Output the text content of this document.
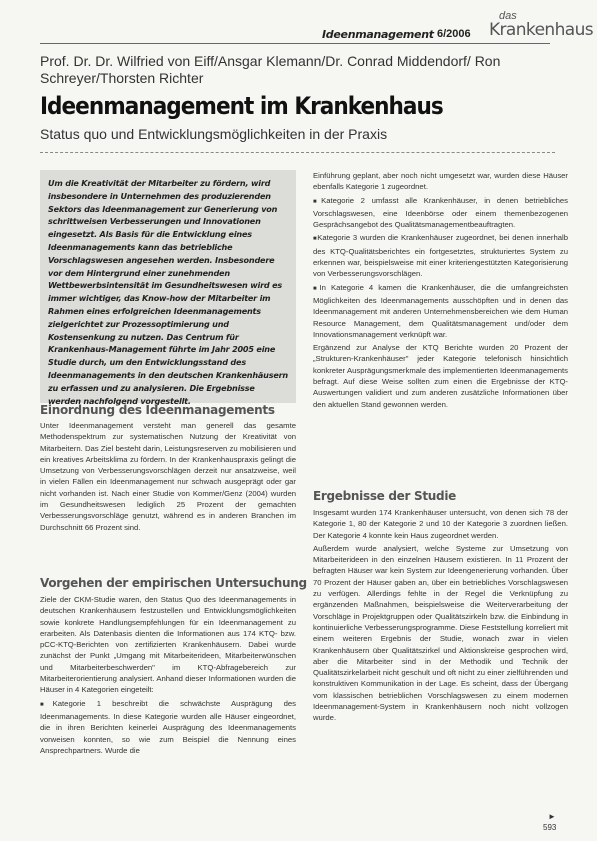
Ideenmanagement 6/2006
das
Krankenhaus
Prof. Dr. Dr. Wilfried von Eiff/Ansgar Klemann/Dr. Conrad Middendorf/ Ron Schreyer/Thorsten Richter
Ideenmanagement im Krankenhaus
Status quo und Entwicklungsmöglichkeiten in der Praxis

Um die Kreativität der Mitarbeiter zu fördern, wird insbesondere in Unternehmen des produzierenden Sektors das Ideenmanagement zur Generierung von schrittweisen Verbesserungen und Innovationen eingesetzt. Als Basis für die Entwicklung eines Ideenmanagements kann das betriebliche Vorschlagswesen angesehen werden. Insbesondere vor dem Hintergrund einer zunehmenden Wettbewerbsintensität im Gesundheitswesen wird es immer wichtiger, das Know-how der Mitarbeiter im Rahmen eines erfolgreichen Ideenmanagements zielgerichtet zur Prozessoptimierung und Kostensenkung zu nutzen. Das Centrum für Krankenhaus-Management führte im Jahr 2005 eine Studie durch, um den Entwicklungsstand des Ideenmanagements in den deutschen Krankenhäusern zu erfassen und zu analysieren. Die Ergebnisse werden nachfolgend vorgestellt.

Einordnung des Ideenmanagements

Unter Ideenmanagement versteht man generell das gesamte Methodenspektrum zur systematischen Nutzung der Kreativität von Mitarbeitern. Das Ziel besteht darin, Leistungsreserven zu mobilisieren und ein kreatives Arbeitsklima zu fördern. In der Krankenhauspraxis gelingt die Umsetzung von Verbesserungsvorschlägen derzeit nur ansatzweise, weil in vielen Fällen ein Ideenmanagement nur schwach ausgeprägt oder gar nicht vorhanden ist. Nach einer Studie von Kommer/Genz (2004) wurden im Gesundheitswesen lediglich 25 Prozent der gemachten Verbesserungsvorschläge genutzt, während es in anderen Branchen im Durchschnitt 66 Prozent sind.

Vorgehen der empirischen Untersuchung

Ziele der CKM-Studie waren, den Status Quo des Ideenmanagements in deutschen Krankenhäusern festzustellen und Entwicklungsmöglichkeiten sowie konkrete Handlungsempfehlungen für ein Ideenmanagement zu erarbeiten. Als Datenbasis dienten die Informationen aus 174 KTQ- bzw. pCC-KTQ-Berichten von zertifizierten Krankenhäusern. Dabei wurde zunächst der Punkt „Umgang mit Mitarbeiterideen, Mitarbeiterwünschen und Mitarbeiterbeschwerden" im KTQ-Abfragebereich zur Mitarbeiterorientierung analysiert. Anhand dieser Informationen wurden die Häuser in 4 Kategorien eingeteilt:

■ Kategorie 1 beschreibt die schwächste Ausprägung des Ideenmanagements. In diese Kategorie wurden alle Häuser eingeordnet, die in ihren Berichten keinerlei Ausprägung des Ideenmanagements vorweisen konnten, so wie zum Beispiel die Nennung eines Ansprechpartners. Wurde die

Einführung geplant, aber noch nicht umgesetzt war, wurden diese Häuser ebenfalls Kategorie 1 zugeordnet.

■ Kategorie 2 umfasst alle Krankenhäuser, in denen betriebliches Vorschlagswesen, eine Ideenbörse oder einem themenbezogenen Gesprächsangebot des Qualitätsmanagementbeauftragten.

■ Kategorie 3 wurden die Krankenhäuser zugeordnet, bei denen innerhalb des KTQ-Qualitätsberichtes ein fortgesetztes, strukturiertes System zu erkennen war, beispielsweise mit einer kriteriengestützten Kategorisierung von Verbesserungsvorschlägen.

■ In Kategorie 4 kamen die Krankenhäuser, die die umfangreichsten Möglichkeiten des Ideenmanagements ausschöpften und in denen das Ideenmanagement mit anderen Unternehmensbereichen wie dem Human Resource Management, dem Qualitätsmanagement und/oder dem Innovationsmanagement verknüpft war.

Ergänzend zur Analyse der KTQ Berichte wurden 20 Prozent der „Strukturen-Krankenhäuser" jeder Kategorie telefonisch hinsichtlich konkreter Ausprägungsmerkmale des implementierten Ideenmanagements befragt. Auf diese Weise sollten zum einen die Ergebnisse der KTQ-Auswertungen validiert und zum anderen zusätzliche Informationen über den aktuellen Stand gewonnen werden.

Ergebnisse der Studie

Insgesamt wurden 174 Krankenhäuser untersucht, von denen sich 78 der Kategorie 1, 80 der Kategorie 2 und 10 der Kategorie 3 zuordnen ließen. Der Kategorie 4 konnte kein Haus zugeordnet werden.

Außerdem wurde analysiert, welche Systeme zur Umsetzung von Mitarbeiterideen in den einzelnen Häusern existieren. In 11 Prozent der befragten Häuser war kein System zur Ideengenerierung vorhanden. Über 70 Prozent der Häuser gaben an, über ein betriebliches Vorschlagswesen zu verfügen. Allerdings fehlte in der Regel die Verknüpfung zu ergänzenden Maßnahmen, beispielsweise die Weiterverarbeitung der Vorschläge in Projektgruppen oder Qualitätszirkeln bzw. die Einbindung in kontinuierliche Verbesserungsprogramme. Diese Feststellung korreliert mit einem weiteren Ergebnis der Studie, wonach zwar in vielen Krankenhäusern über Qualitätszirkel und Aktionskreise gesprochen wird, aber die Mitarbeiter sind in der Methodik und Technik der Qualitätszirkelarbeit nicht geschult und oft nicht zu einer zielführenden und konstruktiven Kommunikation in der Lage. Es scheint, dass der Übergang vom klassischen betrieblichen Vorschlagswesen zu einem modernen Ideenmanagement-System in Krankenhäusern noch nicht vollzogen wurde.

►
593
